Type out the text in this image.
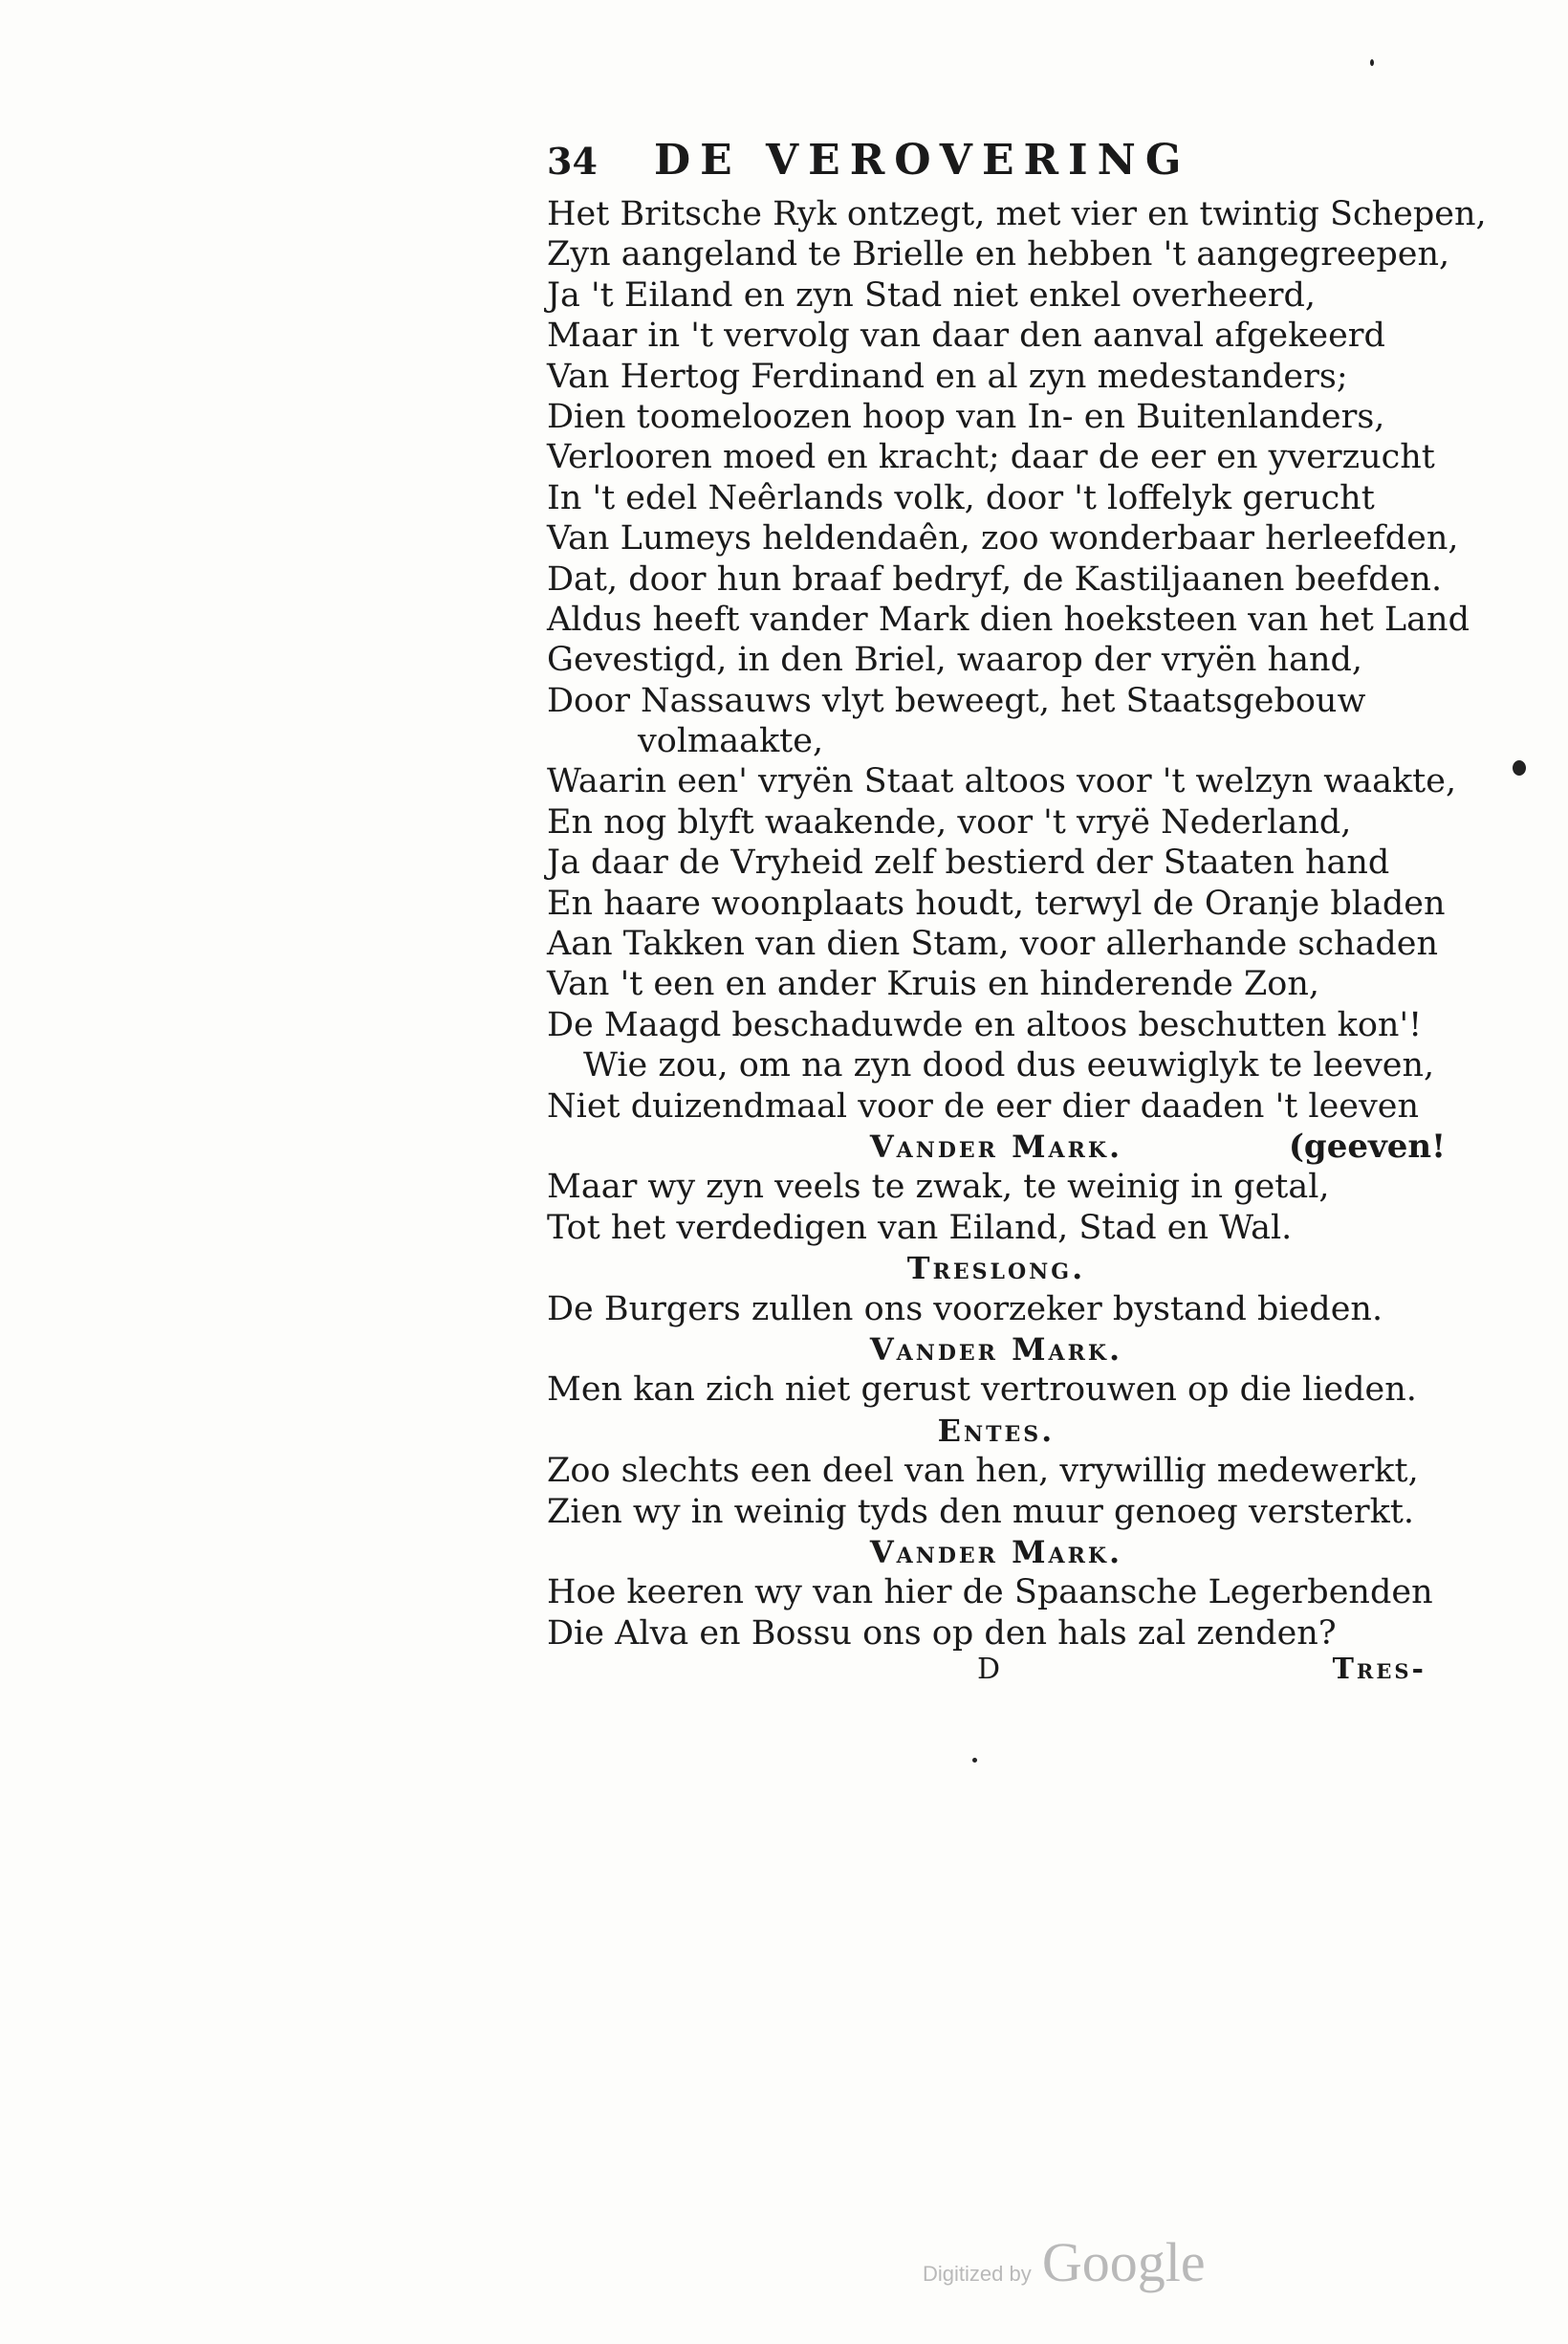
34 DE VEROVERING
Het Britsche Ryk ontzegt, met vier en twintig Schepen,
Zyn aangeland te Brielle en hebben 't aangegreepen,
Ja 't Eiland en zyn Stad niet enkel overheerd,
Maar in 't vervolg van daar den aanval afgekeerd
Van Hertog Ferdinand en al zyn medestanders;
Dien toomeloozen hoop van In- en Buitenlanders,
Verlooren moed en kracht; daar de eer en yverzucht
In 't edel Neêrlands volk, door 't loffelyk gerucht
Van Lumeys heldendaên, zoo wonderbaar herleefden,
Dat, door hun braaf bedryf, de Kastiljaanen beefden.
Aldus heeft vander Mark dien hoeksteen van het Land
Gevestigd, in den Briel, waarop der vryën hand,
Door Nassauws vlyt beweegt, het Staatsgebouw
volmaakte,
Waarin een' vryën Staat altoos voor 't welzyn waakte,
En nog blyft waakende, voor 't vryë Nederland,
Ja daar de Vryheid zelf bestierd der Staaten hand
En haare woonplaats houdt, terwyl de Oranje bladen
Aan Takken van dien Stam, voor allerhande schaden
Van 't een en ander Kruis en hinderende Zon,
De Maagd beschaduwde en altoos beschutten kon'!
Wie zou, om na zyn dood dus eeuwiglyk te leeven,
Niet duizendmaal voor de eer dier daaden 't leeven
Vander Mark.	(geeven!
Maar wy zyn veels te zwak, te weinig in getal,
Tot het verdedigen van Eiland, Stad en Wal.
Treslong.
De Burgers zullen ons voorzeker bystand bieden.
Vander Mark.
Men kan zich niet gerust vertrouwen op die lieden.
Entes.
Zoo slechts een deel van hen, vrywillig medewerkt,
Zien wy in weinig tyds den muur genoeg versterkt.
Vander Mark.
Hoe keeren wy van hier de Spaansche Legerbenden
Die Alva en Bossu ons op den hals zal zenden?
D	Tres-
Digitized by Google
